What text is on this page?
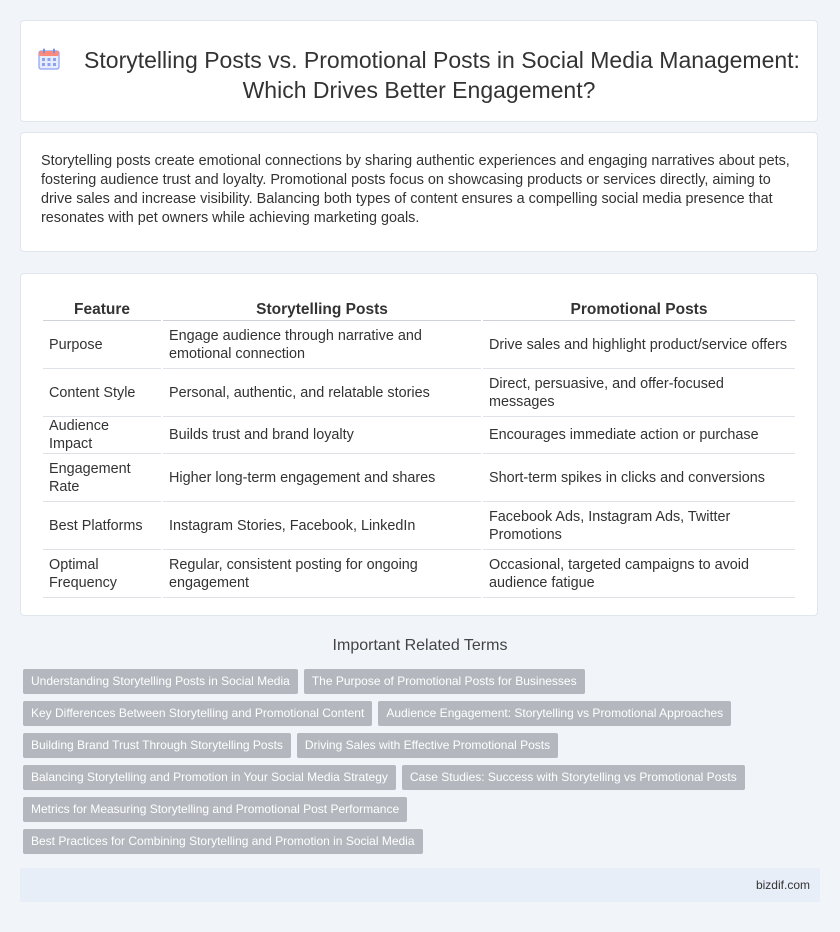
Storytelling Posts vs. Promotional Posts in Social Media Management: Which Drives Better Engagement?

Storytelling posts create emotional connections by sharing authentic experiences and engaging narratives about pets, fostering audience trust and loyalty. Promotional posts focus on showcasing products or services directly, aiming to drive sales and increase visibility. Balancing both types of content ensures a compelling social media presence that resonates with pet owners while achieving marketing goals.

Feature	Storytelling Posts	Promotional Posts
Purpose	Engage audience through narrative and emotional connection	Drive sales and highlight product/service offers
Content Style	Personal, authentic, and relatable stories	Direct, persuasive, and offer-focused messages
Audience Impact	Builds trust and brand loyalty	Encourages immediate action or purchase
Engagement Rate	Higher long-term engagement and shares	Short-term spikes in clicks and conversions
Best Platforms	Instagram Stories, Facebook, LinkedIn	Facebook Ads, Instagram Ads, Twitter Promotions
Optimal Frequency	Regular, consistent posting for ongoing engagement	Occasional, targeted campaigns to avoid audience fatigue
Important Related Terms
Understanding Storytelling Posts in Social Media The Purpose of Promotional Posts for Businesses
Key Differences Between Storytelling and Promotional Content Audience Engagement: Storytelling vs Promotional Approaches
Building Brand Trust Through Storytelling Posts Driving Sales with Effective Promotional Posts
Balancing Storytelling and Promotion in Your Social Media Strategy Case Studies: Success with Storytelling vs Promotional Posts
Metrics for Measuring Storytelling and Promotional Post Performance
Best Practices for Combining Storytelling and Promotion in Social Media
bizdif.com
